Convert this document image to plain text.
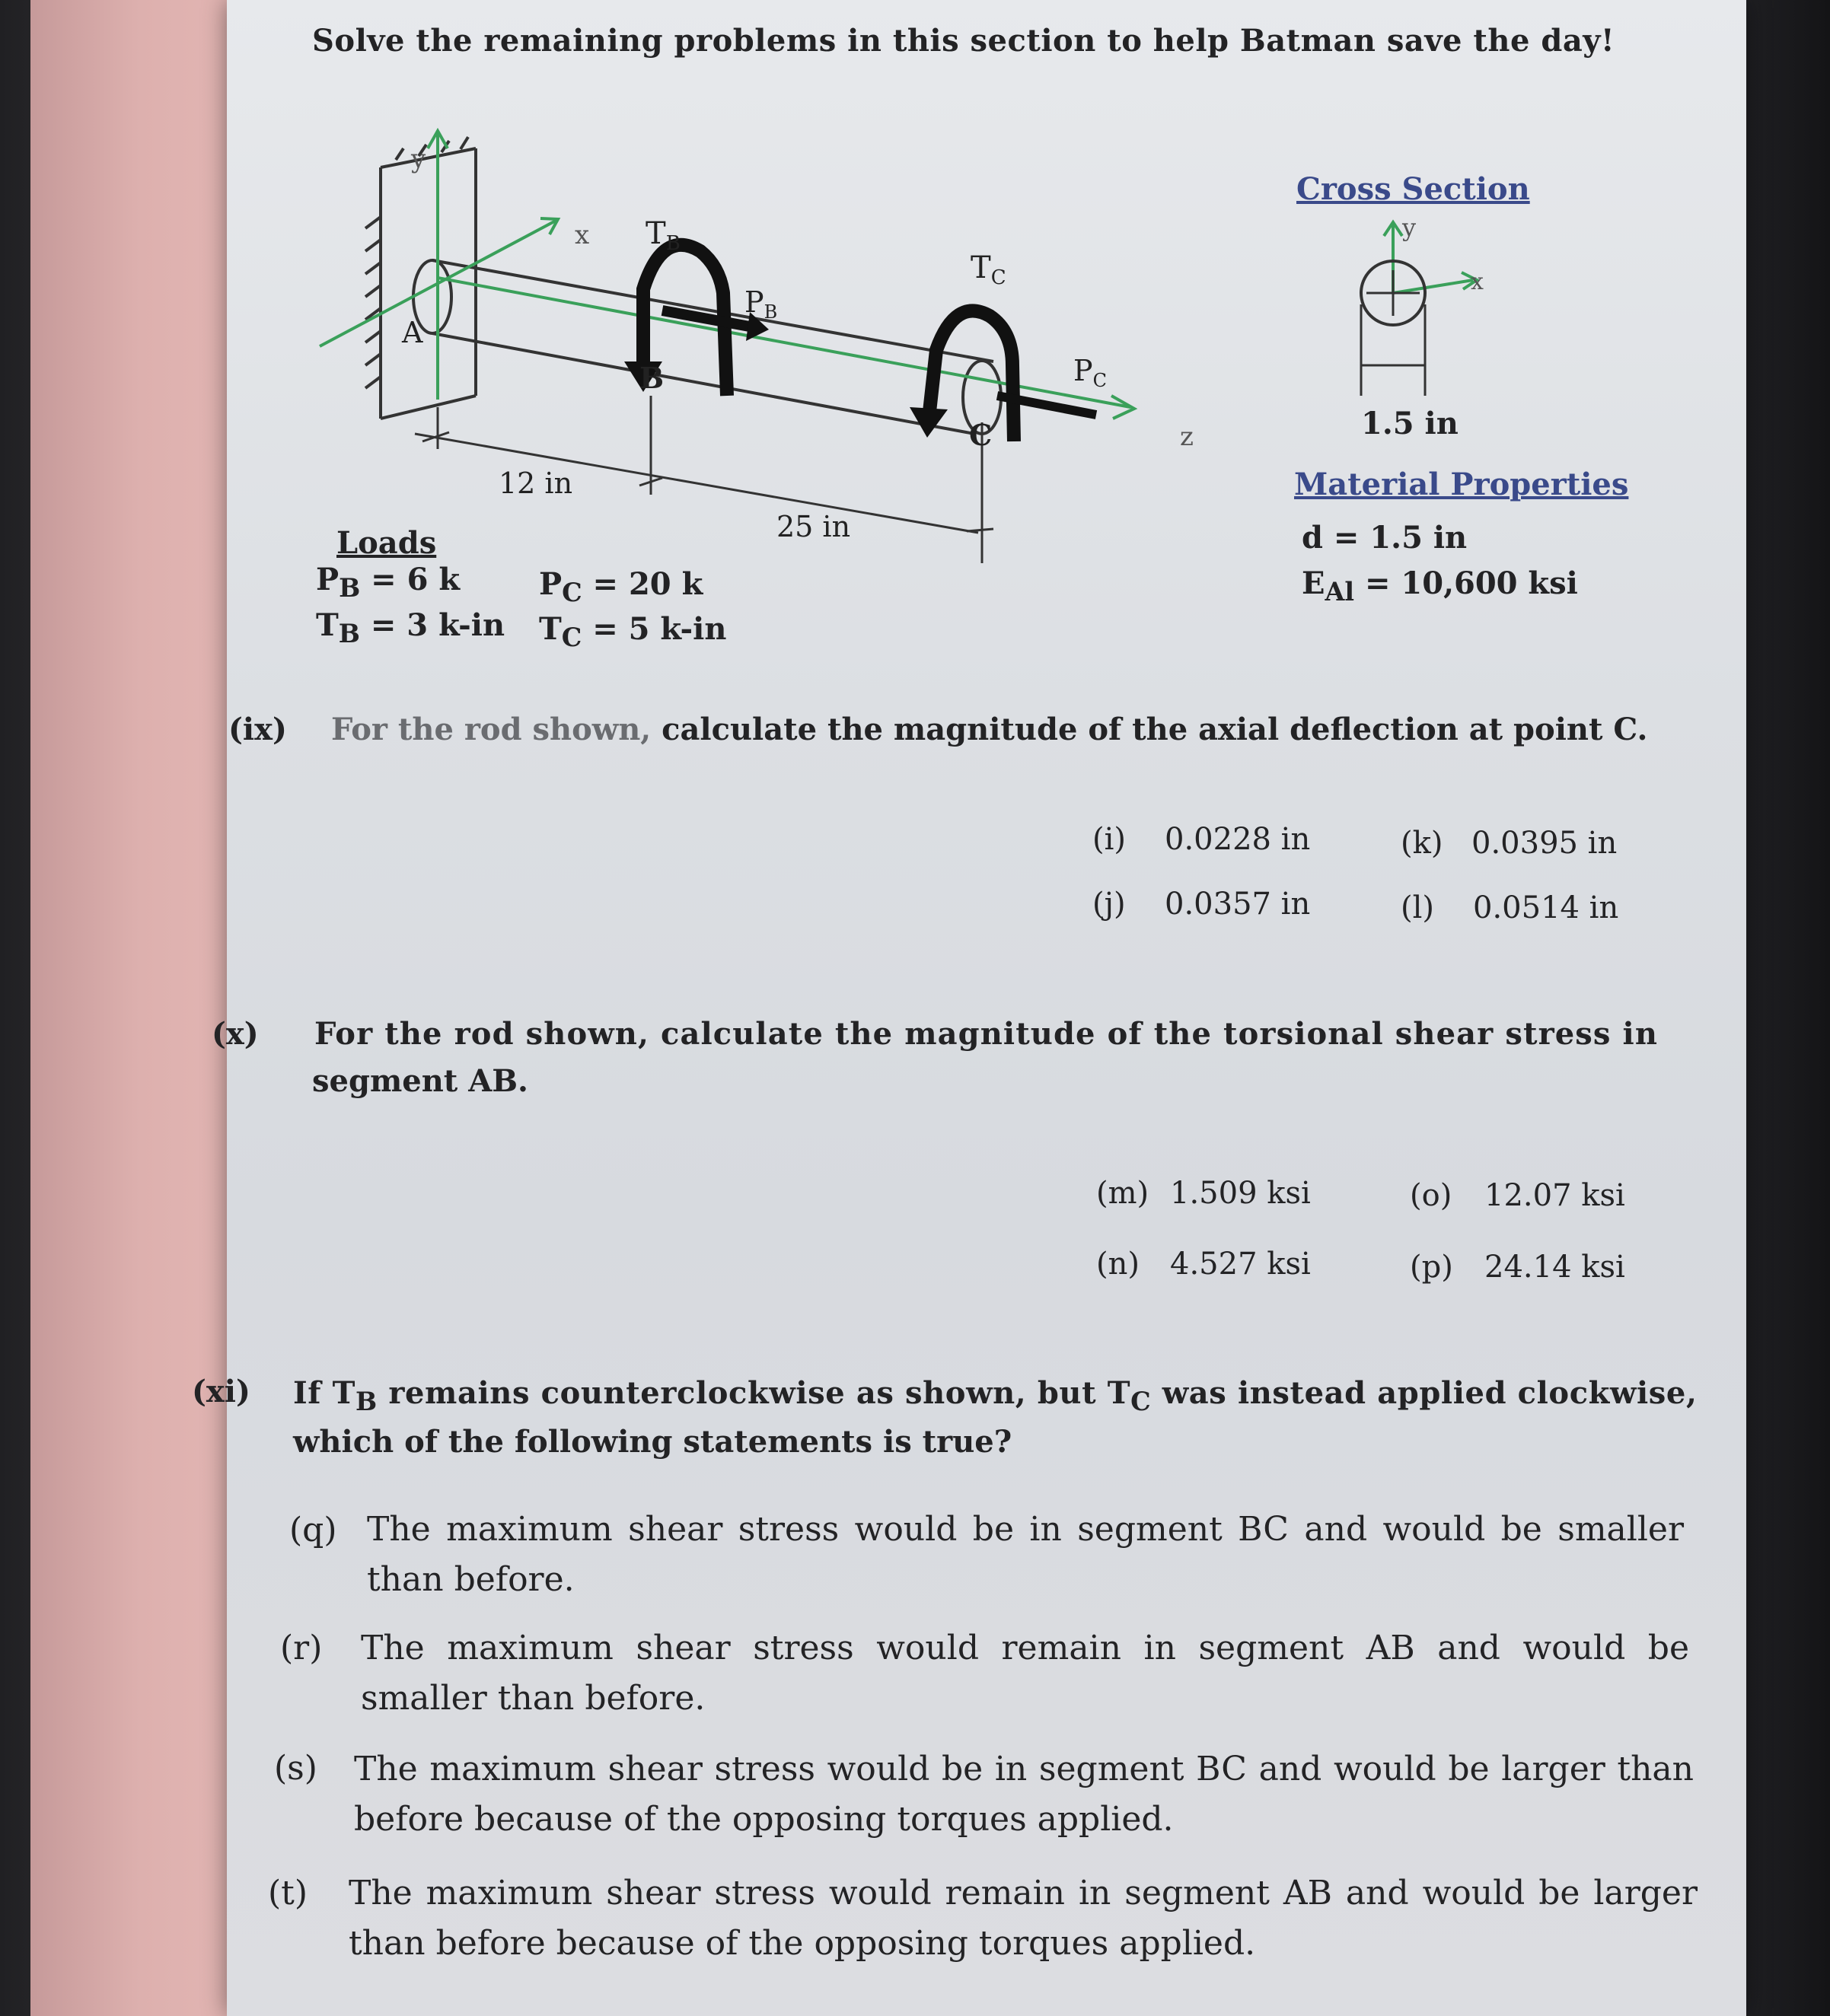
Solve the remaining problems in this section to help Batman save the day!
y
x
A
B
C
$T_B$
$T_C$
$P_B$
$P_C$
12 in
25 in
z
Loads
$P_B = 6$ k	$P_C = 20$ k
$T_B = 3$ k-in $T_C = 5$ k-in
Cross Section
y
x
1.5 in
Material Properties
d = 1.5 in
$E_{Al} = 10,600$ ksi
(ix) For the rod shown, calculate the magnitude of the axial deflection at point C.
(i) 0.0228 in	(k) 0.0395 in
(j) 0.0357 in	(l) 0.0514 in
(x) For the rod shown, calculate the magnitude of the torsional shear stress in
segment AB.
(m) 1.509 ksi	(o) 12.07 ksi
(n) 4.527 ksi	(p) 24.14 ksi
(xi) If $T_B$ remains counterclockwise as shown, but $T_C$ was instead applied clockwise,
which of the following statements is true?
(q) The maximum shear stress would be in segment BC and would be smaller than before.
(r) The maximum shear stress would remain in segment AB and would be smaller than before.
(s) The maximum shear stress would be in segment BC and would be larger than before because of the opposing torques applied.
(t) The maximum shear stress would remain in segment AB and would be larger than before because of the opposing torques applied.
